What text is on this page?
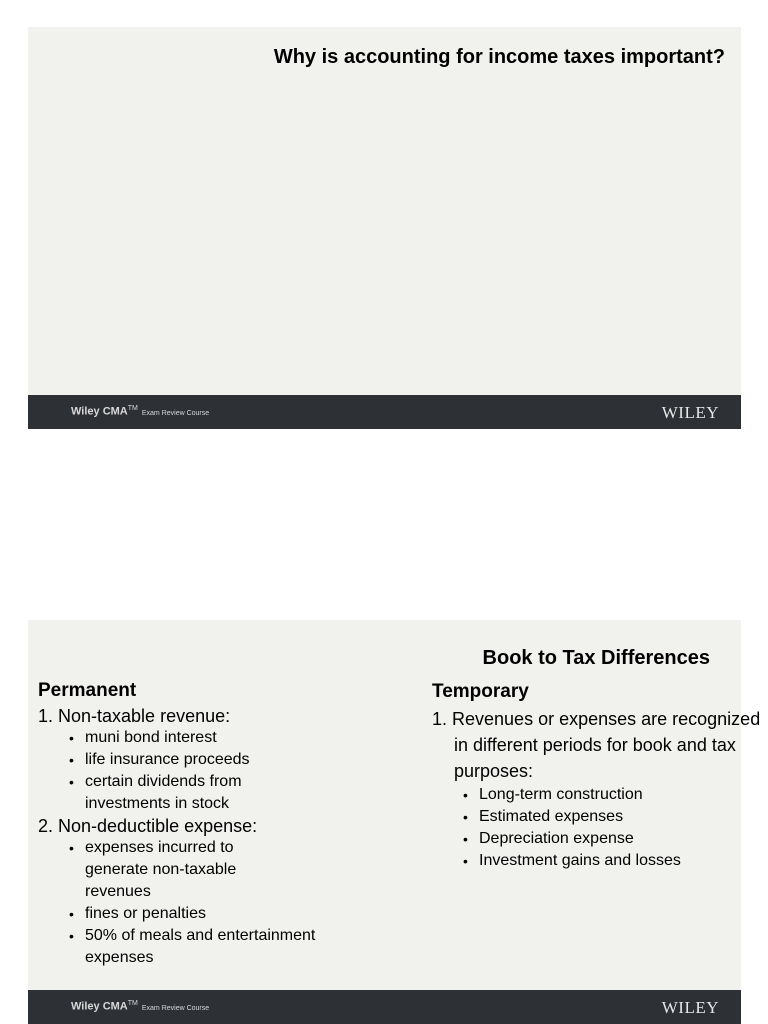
Why is accounting for income taxes important?
Wiley CMA™Exam Review Course	WILEY
Book to Tax Differences
Permanent
1. Non-taxable revenue:
• muni bond interest
• life insurance proceeds
• certain dividends from investments in stock
2. Non-deductible expense:
• expenses incurred to generate non-taxable revenues
• fines or penalties
• 50% of meals and entertainment expenses
Temporary
1. Revenues or expenses are recognized in different periods for book and tax purposes:
• Long-term construction
• Estimated expenses
• Depreciation expense
• Investment gains and losses
Wiley CMA™Exam Review Course	WILEY
